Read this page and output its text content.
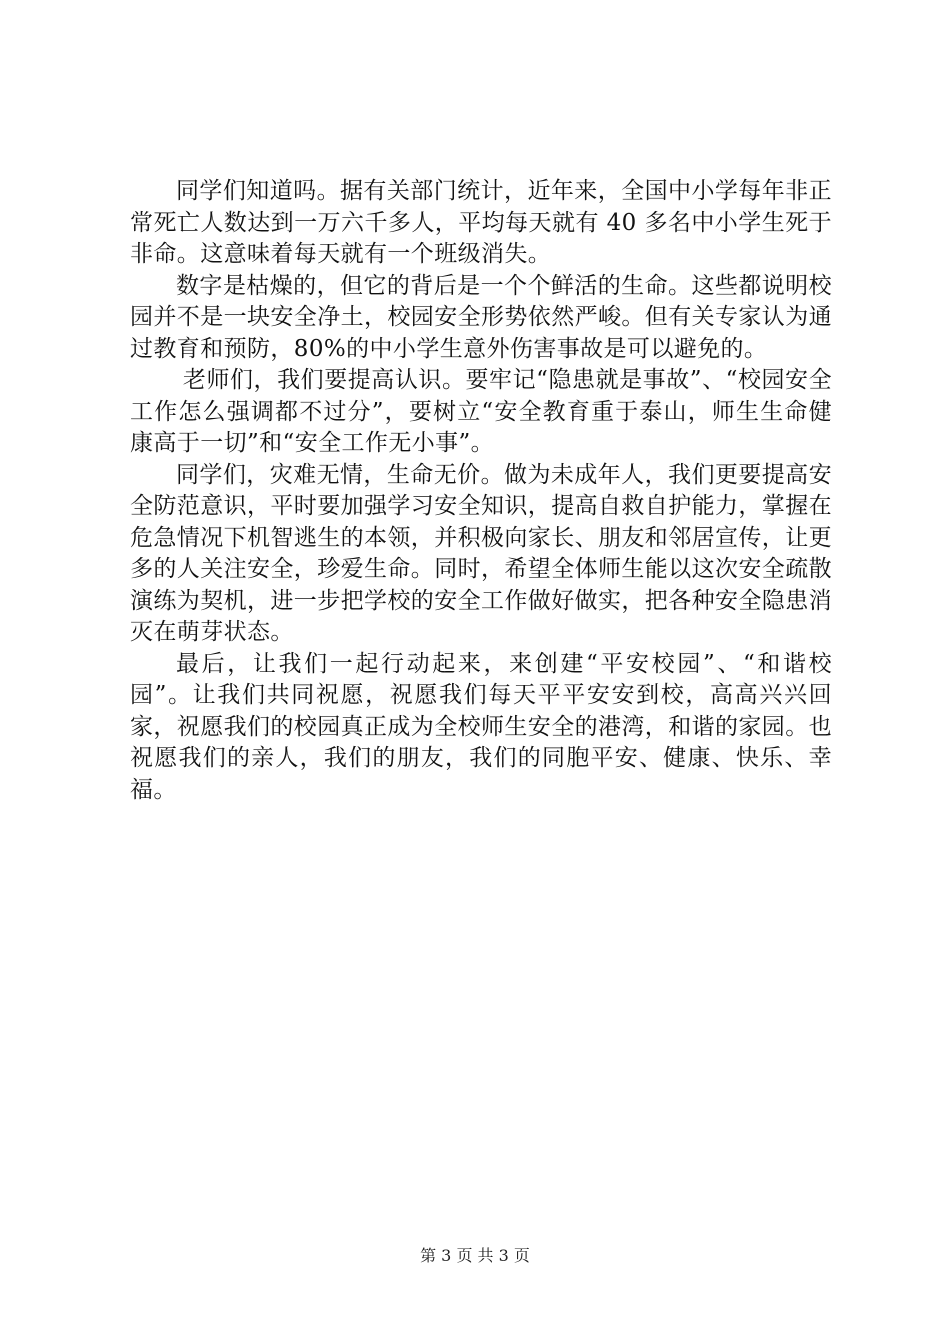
同学们知道吗。据有关部门统计，近年来，全国中小学每年非正常死亡人数达到一万六千多人，平均每天就有 40 多名中小学生死于非命。这意味着每天就有一个班级消失。

数字是枯燥的，但它的背后是一个个鲜活的生命。这些都说明校园并不是一块安全净土，校园安全形势依然严峻。但有关专家认为通过教育和预防，80%的中小学生意外伤害事故是可以避免的。

老师们，我们要提高认识。要牢记“隐患就是事故”、“校园安全工作怎么强调都不过分”，要树立“安全教育重于泰山，师生生命健康高于一切”和“安全工作无小事”。

同学们，灾难无情，生命无价。做为未成年人，我们更要提高安全防范意识，平时要加强学习安全知识，提高自救自护能力，掌握在危急情况下机智逃生的本领，并积极向家长、朋友和邻居宣传，让更多的人关注安全，珍爱生命。同时，希望全体师生能以这次安全疏散演练为契机，进一步把学校的安全工作做好做实，把各种安全隐患消灭在萌芽状态。

最后，让我们一起行动起来，来创建“平安校园”、“和谐校园”。让我们共同祝愿，祝愿我们每天平平安安到校，高高兴兴回家，祝愿我们的校园真正成为全校师生安全的港湾，和谐的家园。也祝愿我们的亲人，我们的朋友，我们的同胞平安、健康、快乐、幸福。

第 3 页 共 3 页
